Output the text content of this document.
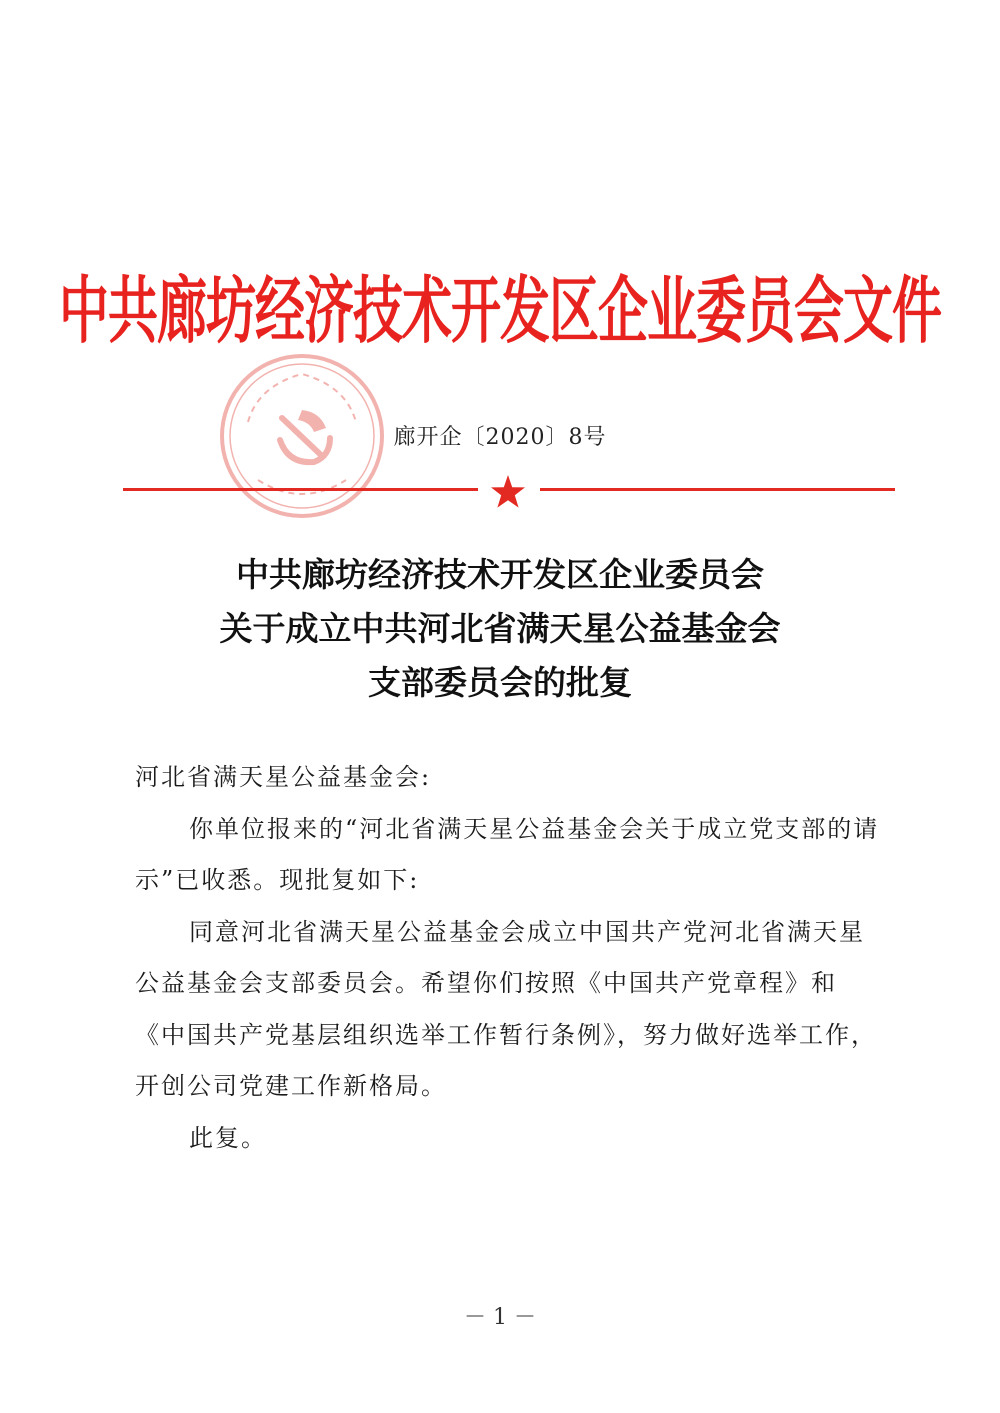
中共廊坊经济技术开发区企业委员会文件
廊开企〔2020〕8号
中共廊坊经济技术开发区企业委员会
关于成立中共河北省满天星公益基金会
支部委员会的批复

河北省满天星公益基金会:

你单位报来的“河北省满天星公益基金会关于成立党支部的请示”已收悉。现批复如下:

同意河北省满天星公益基金会成立中国共产党河北省满天星公益基金会支部委员会。希望你们按照《中国共产党章程》和《中国共产党基层组织选举工作暂行条例》，努力做好选举工作，开创公司党建工作新格局。

此复。

－ 1 －
